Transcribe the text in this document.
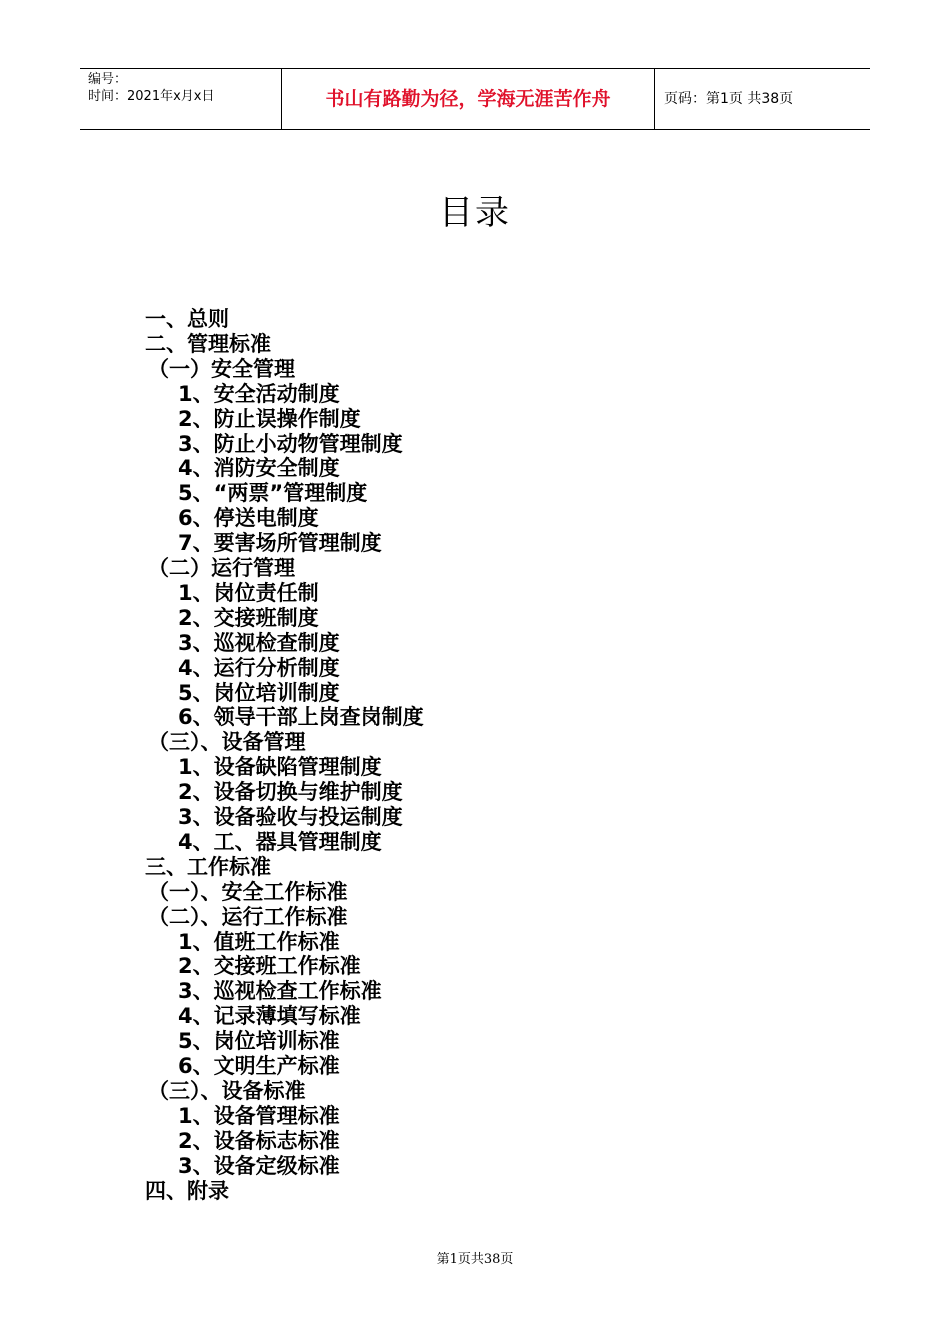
编号：
时间：2021年x月x日	书山有路勤为径，学海无涯苦作舟	页码：第1页 共38页
目录
一、总则
二、管理标准
（一）安全管理
1、安全活动制度
2、防止误操作制度
3、防止小动物管理制度
4、消防安全制度
5、“两票”管理制度
6、停送电制度
7、要害场所管理制度
（二）运行管理
1、岗位责任制
2、交接班制度
3、巡视检查制度
4、运行分析制度
5、岗位培训制度
6、领导干部上岗查岗制度
（三）、设备管理
1、设备缺陷管理制度
2、设备切换与维护制度
3、设备验收与投运制度
4、工、器具管理制度
三、工作标准
（一）、安全工作标准
（二）、运行工作标准
1、值班工作标准
2、交接班工作标准
3、巡视检查工作标准
4、记录薄填写标准
5、岗位培训标准
6、文明生产标准
（三）、设备标准
1、设备管理标准
2、设备标志标准
3、设备定级标准
四、附录
第1页共38页
